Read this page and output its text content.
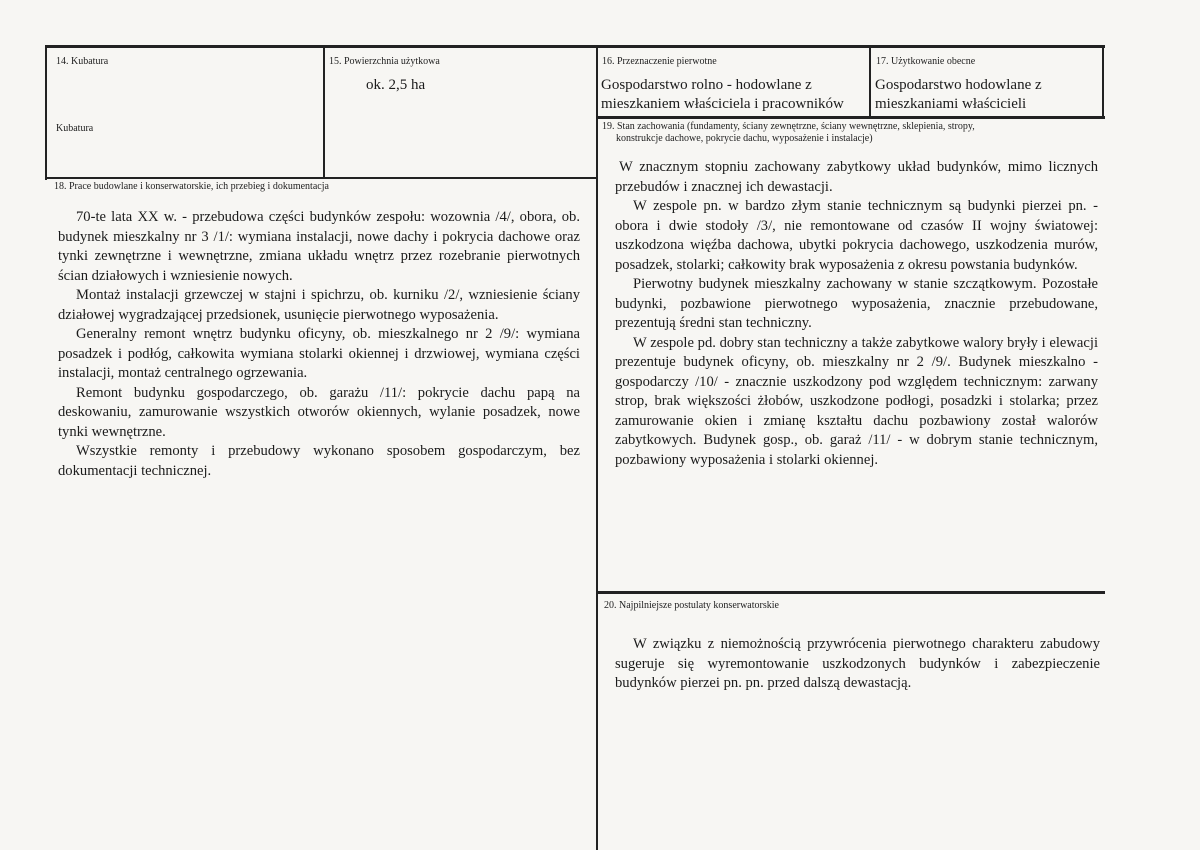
14. Kubatura
Kubatura
15. Powierzchnia użytkowa
ok. 2,5 ha
16. Przeznaczenie pierwotne
Gospodarstwo rolno - hodowlane z
mieszkaniem właściciela i pracowników
17. Użytkowanie obecne
Gospodarstwo hodowlane z
mieszkaniami właścicieli
18. Prace budowlane i konserwatorskie, ich przebieg i dokumentacja

70-te lata XX w. - przebudowa części budynków zespołu: wozownia /4/, obora, ob. budynek mieszkalny nr 3 /1/: wymiana instalacji, nowe dachy i pokrycia dachowe oraz tynki zewnętrzne i wewnętrzne, zmiana układu wnętrz przez rozebranie pierwotnych ścian działowych i wzniesienie nowych.

Montaż instalacji grzewczej w stajni i spichrzu, ob. kurniku /2/, wzniesienie ściany działowej wygradzającej przedsionek, usunięcie pierwotnego wyposażenia.

Generalny remont wnętrz budynku oficyny, ob. mieszkalnego nr 2 /9/: wymiana posadzek i podłóg, całkowita wymiana stolarki okiennej i drzwiowej, wymiana części instalacji, montaż centralnego ogrzewania.

Remont budynku gospodarczego, ob. garażu /11/: pokrycie dachu papą na deskowaniu, zamurowanie wszystkich otworów okiennych, wylanie posadzek, nowe tynki wewnętrzne.

Wszystkie remonty i przebudowy wykonano sposobem gospodarczym, bez dokumentacji technicznej.

19. Stan zachowania (fundamenty, ściany zewnętrzne, ściany wewnętrzne, sklepienia, stropy,
konstrukcje dachowe, pokrycie dachu, wyposażenie i instalacje)

W znacznym stopniu zachowany zabytkowy układ budynków, mimo licznych przebudów i znacznej ich dewastacji.

W zespole pn. w bardzo złym stanie technicznym są budynki pierzei pn. - obora i dwie stodoły /3/, nie remontowane od czasów II wojny światowej: uszkodzona więźba dachowa, ubytki pokrycia dachowego, uszkodzenia murów, posadzek, stolarki; całkowity brak wyposażenia z okresu powstania budynków.

Pierwotny budynek mieszkalny zachowany w stanie szczątkowym. Pozostałe budynki, pozbawione pierwotnego wyposażenia, znacznie przebudowane, prezentują średni stan techniczny.

W zespole pd. dobry stan techniczny a także zabytkowe walory bryły i elewacji prezentuje budynek oficyny, ob. mieszkalny nr 2 /9/. Budynek mieszkalno - gospodarczy /10/ - znacznie uszkodzony pod względem technicznym: zarwany strop, brak większości żłobów, uszkodzone podłogi, posadzki i stolarka; przez zamurowanie okien i zmianę kształtu dachu pozbawiony został walorów zabytkowych. Budynek gosp., ob. garaż /11/ - w dobrym stanie technicznym, pozbawiony wyposażenia i stolarki okiennej.

20. Najpilniejsze postulaty konserwatorskie

W związku z niemożnością przywrócenia pierwotnego charakteru zabudowy sugeruje się wyremontowanie uszkodzonych budynków i zabezpieczenie budynków pierzei pn. pn. przed dalszą dewastacją.
